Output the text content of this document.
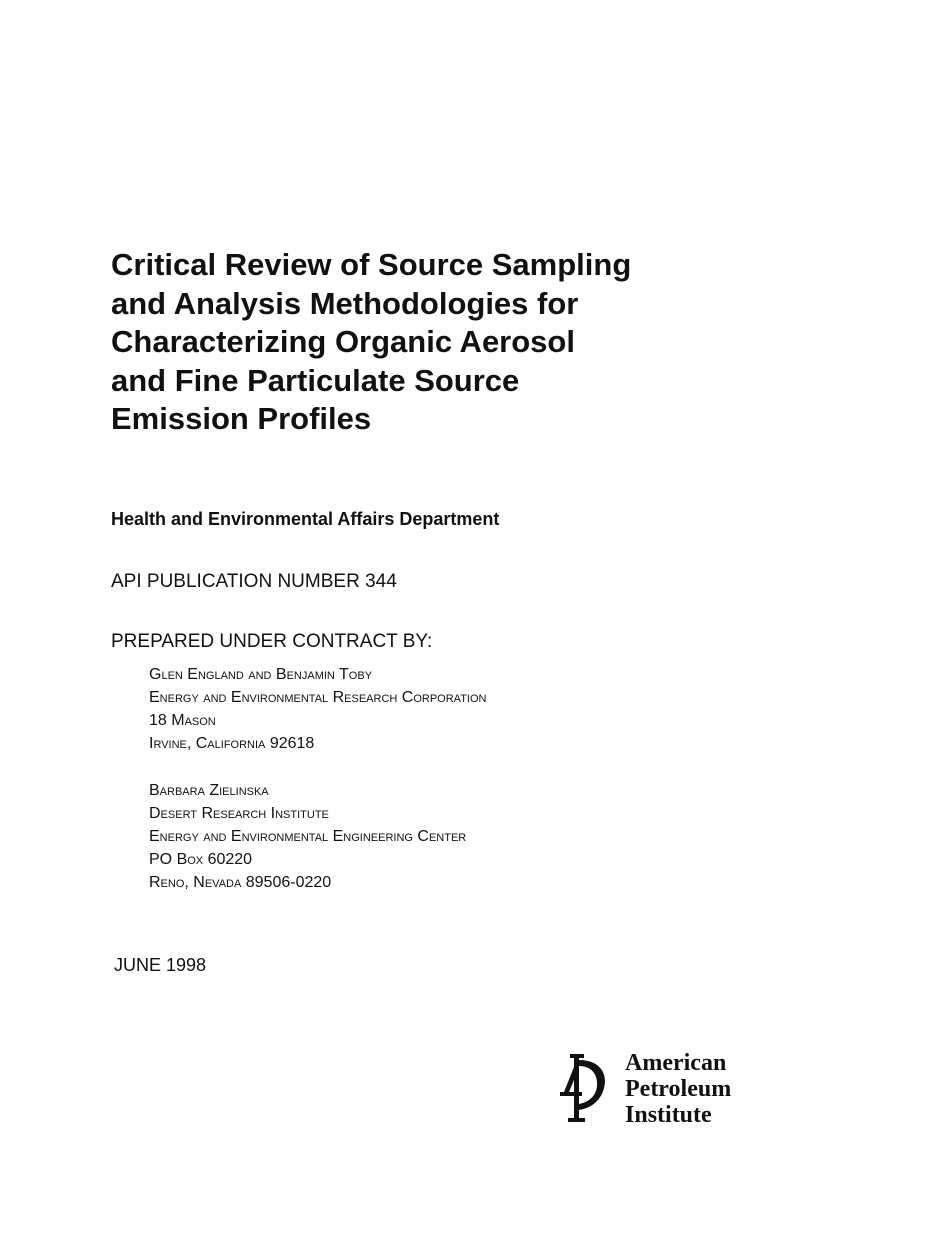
Critical Review of Source Sampling
and Analysis Methodologies for
Characterizing Organic Aerosol
and Fine Particulate Source
Emission Profiles
Health and Environmental Affairs Department
API PUBLICATION NUMBER 344
PREPARED UNDER CONTRACT BY:
Glen England and Benjamin Toby
Energy and Environmental Research Corporation
18 Mason
Irvine, California 92618
Barbara Zielinska
Desert Research Institute
Energy and Environmental Engineering Center
PO Box 60220
Reno, Nevada 89506-0220
JUNE 1998
American
Petroleum
Institute
